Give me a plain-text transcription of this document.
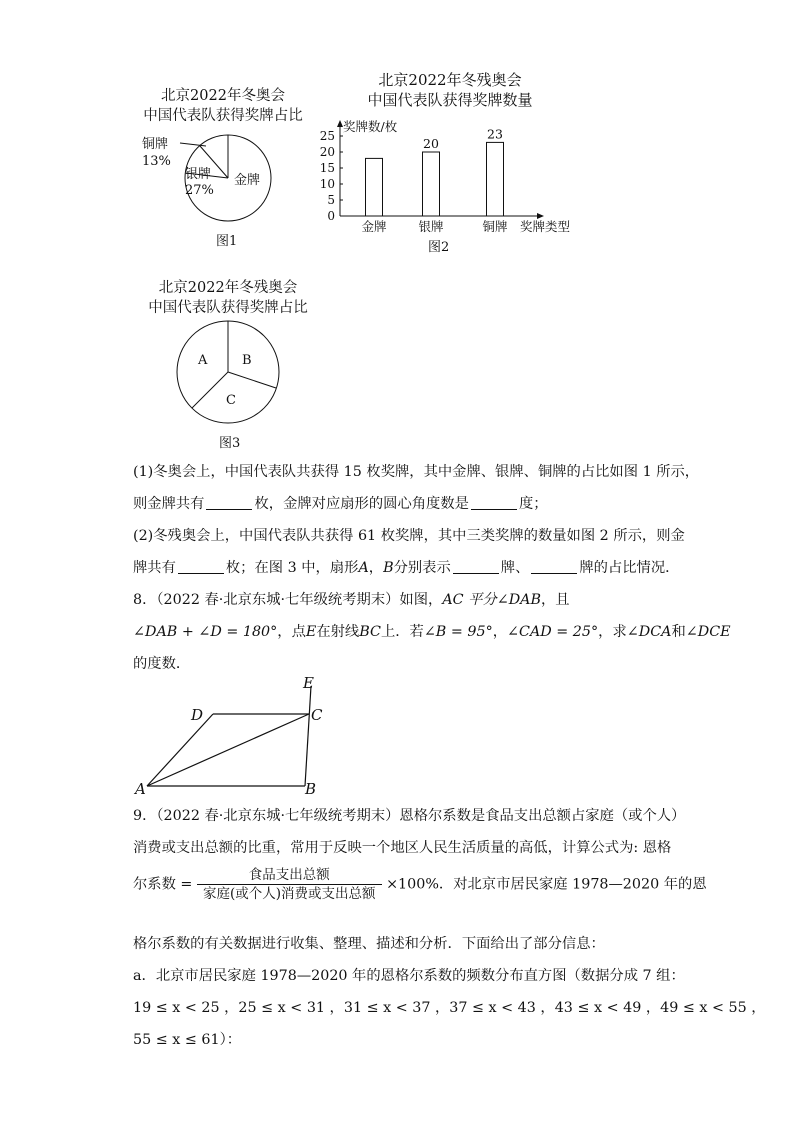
北京2022年冬奥会
中国代表队获得奖牌占比
金牌
银牌
27%
铜牌
13%
图1
北京2022年冬残奥会
中国代表队获得奖牌数量
0
5
10
15
20
25
金牌	银牌
20
铜牌
23
奖牌数/枚
奖牌类型
图2
北京2022年冬残奥会
中国代表队获得奖牌占比
A	B
C
图3
(1)冬奥会上，中国代表队共获得 15 枚奖牌，其中金牌、银牌、铜牌的占比如图 1 所示，
则金牌共有	枚，金牌对应扇形的圆心角度数是	度；
(2)冬残奥会上，中国代表队共获得 61 枚奖牌，其中三类奖牌的数量如图 2 所示，则金
牌共有	枚；在图 3 中，扇形A，B分别表示	牌、	牌的占比情况．
8．（2022 春·北京东城·七年级统考期末）如图，AC 平分∠DAB，且
∠DAB + ∠D = 180°，点E在射线BC上．若∠B = 95°，∠CAD = 25°，求∠DCA和∠DCE
的度数．
E
D	C
A	B
9．（2022 春·北京东城·七年级统考期末）恩格尔系数是食品支出总额占家庭（或个人）
消费或支出总额的比重，常用于反映一个地区人民生活质量的高低，计算公式为: 恩格
尔系数 = $\frac{\text{食品支出总额}}{\text{家庭(或个人)消费或支出总额}} \times 100\%$．对北京市居民家庭 1978—2020 年的恩
格尔系数的有关数据进行收集、整理、描述和分析．下面给出了部分信息：
a．北京市居民家庭 1978—2020 年的恩格尔系数的频数分布直方图（数据分成 7 组：
19 ≤ x < 25 ，25 ≤ x < 31 ，31 ≤ x < 37 ，37 ≤ x < 43 ，43 ≤ x < 49 ，49 ≤ x < 55 ，
55 ≤ x ≤ 61）：
